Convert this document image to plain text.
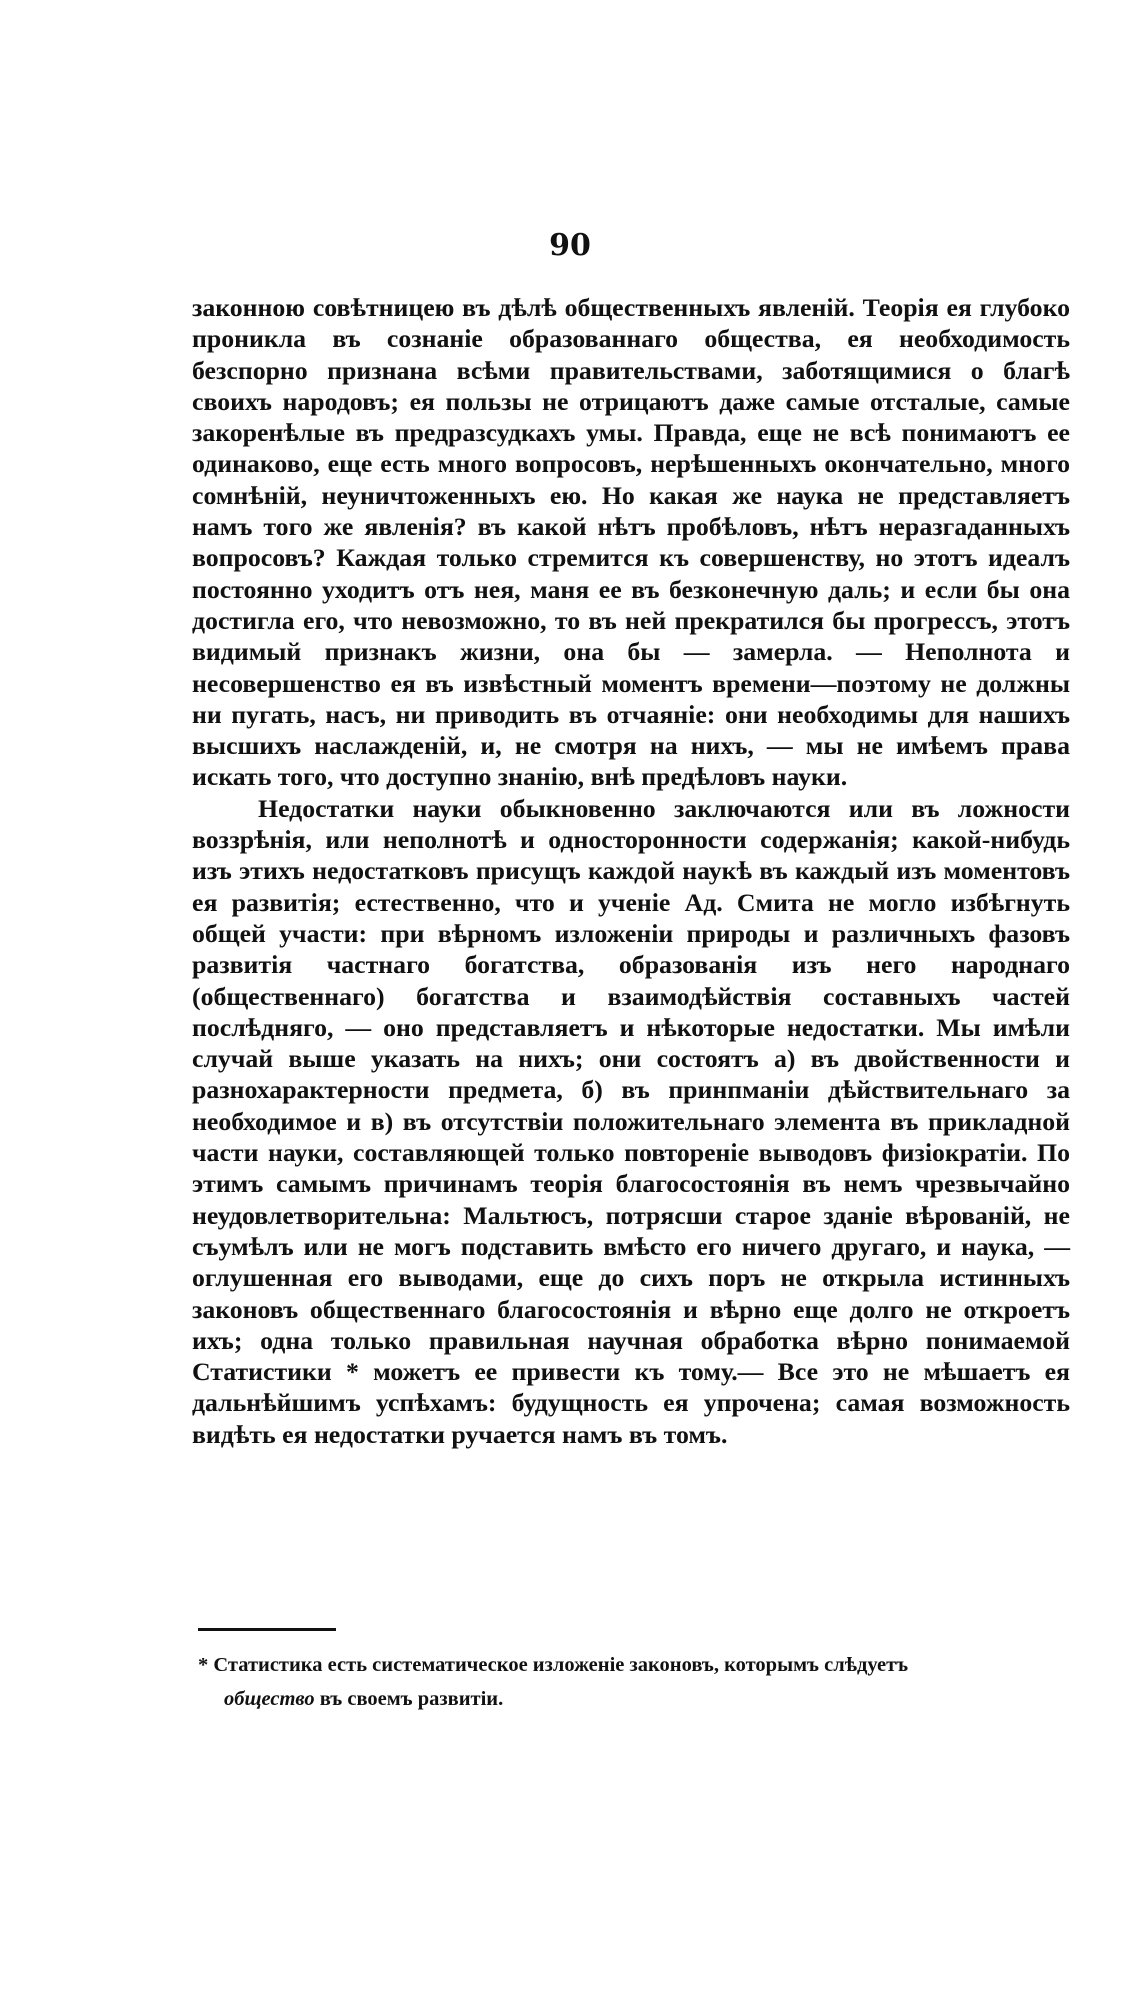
90

законною совѣтницею въ дѣлѣ общественныхъ явленій. Теорія ея глубоко проникла въ сознаніе образованнаго общества, ея необходимость безспорно признана всѣми правительствами, заботящимися о благѣ своихъ народовъ; ея пользы не отрицаютъ даже самые отсталые, самые закоренѣлые въ предразсудкахъ умы. Правда, еще не всѣ понимаютъ ее одинаково, еще есть много вопросовъ, нерѣшенныхъ окончательно, много сомнѣній, неуничтоженныхъ ею. Но какая же наука не представляетъ намъ того же явленія? въ какой нѣтъ пробѣловъ, нѣтъ неразгаданныхъ вопросовъ? Каждая только стремится къ совершенству, но этотъ идеалъ постоянно уходитъ отъ нея, маня ее въ безконечную даль; и если бы она достигла его, что невозможно, то въ ней прекратился бы прогрессъ, этотъ видимый признакъ жизни, она бы — замерла. — Неполнота и несовершенство ея въ извѣстный моментъ времени—поэтому не должны ни пугать, насъ, ни приводить въ отчаяніе: они необходимы для нашихъ высшихъ наслажденій, и, не смотря на нихъ, — мы не имѣемъ права искать того, что доступно знанію, внѣ предѣловъ науки.

Недостатки науки обыкновенно заключаются или въ ложности воззрѣнія, или неполнотѣ и односторонности содержанія; какой-нибудь изъ этихъ недостатковъ присущъ каждой наукѣ въ каждый изъ моментовъ ея развитія; естественно, что и ученіе Ад. Смита не могло избѣгнуть общей участи: при вѣрномъ изложеніи природы и различныхъ фазовъ развитія частнаго богатства, образованія изъ него народнаго (общественнаго) богатства и взаимодѣйствія составныхъ частей послѣдняго, — оно представляетъ и нѣкоторые недостатки. Мы имѣли случай выше указать на нихъ; они состоятъ а) въ двойственности и разнохарактерности предмета, б) въ принпманіи дѣйствительнаго за необходимое и в) въ отсутствіи положительнаго элемента въ прикладной части науки, составляющей только повтореніе выводовъ физіократіи. По этимъ самымъ причинамъ теорія благосостоянія въ немъ чрезвычайно неудовлетворительна: Мальтюсъ, потрясши старое зданіе вѣрованій, не съумѣлъ или не могъ подставить вмѣсто его ничего другаго, и наука, — оглушенная его выводами, еще до сихъ поръ не открыла истинныхъ законовъ общественнаго благосостоянія и вѣрно еще долго не откроетъ ихъ; одна только правильная научная обработка вѣрно понимаемой Статистики * можетъ ее привести къ тому.— Все это не мѣшаетъ ея дальнѣйшимъ успѣхамъ: будущность ея упрочена; самая возможность видѣть ея недостатки ручается намъ въ томъ.

* Статистика есть систематическое изложеніе законовъ, которымъ слѣдуетъ
общество въ своемъ развитіи.
